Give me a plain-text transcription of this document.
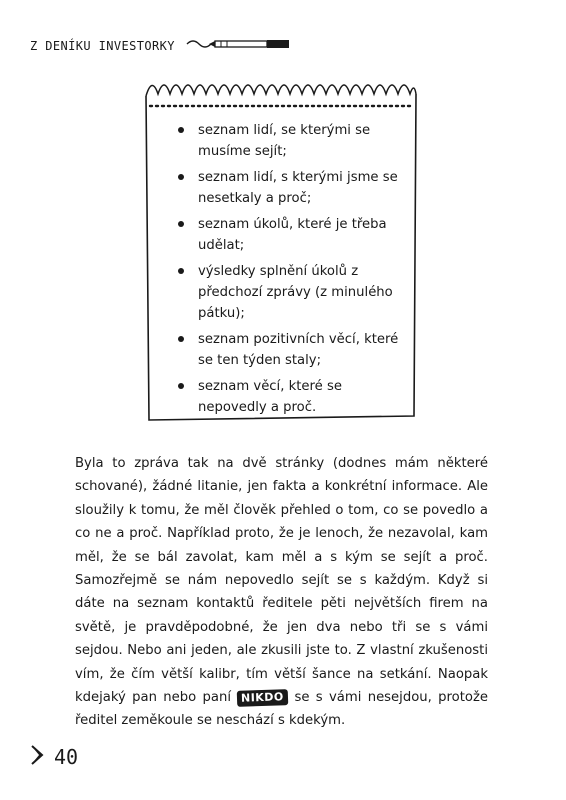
Z DENÍKU INVESTORKY
seznam lidí, se kterými se musíme sejít;
seznam lidí, s kterými jsme se nesetkaly a proč;
seznam úkolů, které je třeba udělat;
výsledky splnění úkolů z předchozí zprávy (z minulého pátku);
seznam pozitivních věcí, které se ten týden staly;
seznam věcí, které se nepovedly a proč.

Byla to zpráva tak na dvě stránky (dodnes mám některé schované), žádné litanie, jen fakta a konkrétní informace. Ale sloužily k tomu, že měl člověk přehled o tom, co se povedlo a co ne a proč. Například proto, že je lenoch, že nezavolal, kam měl, že se bál zavolat, kam měl a s kým se sejít a proč. Samozřejmě se nám nepovedlo sejít se s každým. Když si dáte na seznam kontaktů ředitele pěti největších firem na světě, je pravděpodobné, že jen dva nebo tři se s vámi sejdou. Nebo ani jeden, ale zkusili jste to. Z vlastní zkušenosti vím, že čím větší kalibr, tím větší šance na setkání. Naopak kdejaký pan nebo paní NIKDO se s vámi nesejdou, protože ředitel zeměkoule se neschází s kdekým.

40
